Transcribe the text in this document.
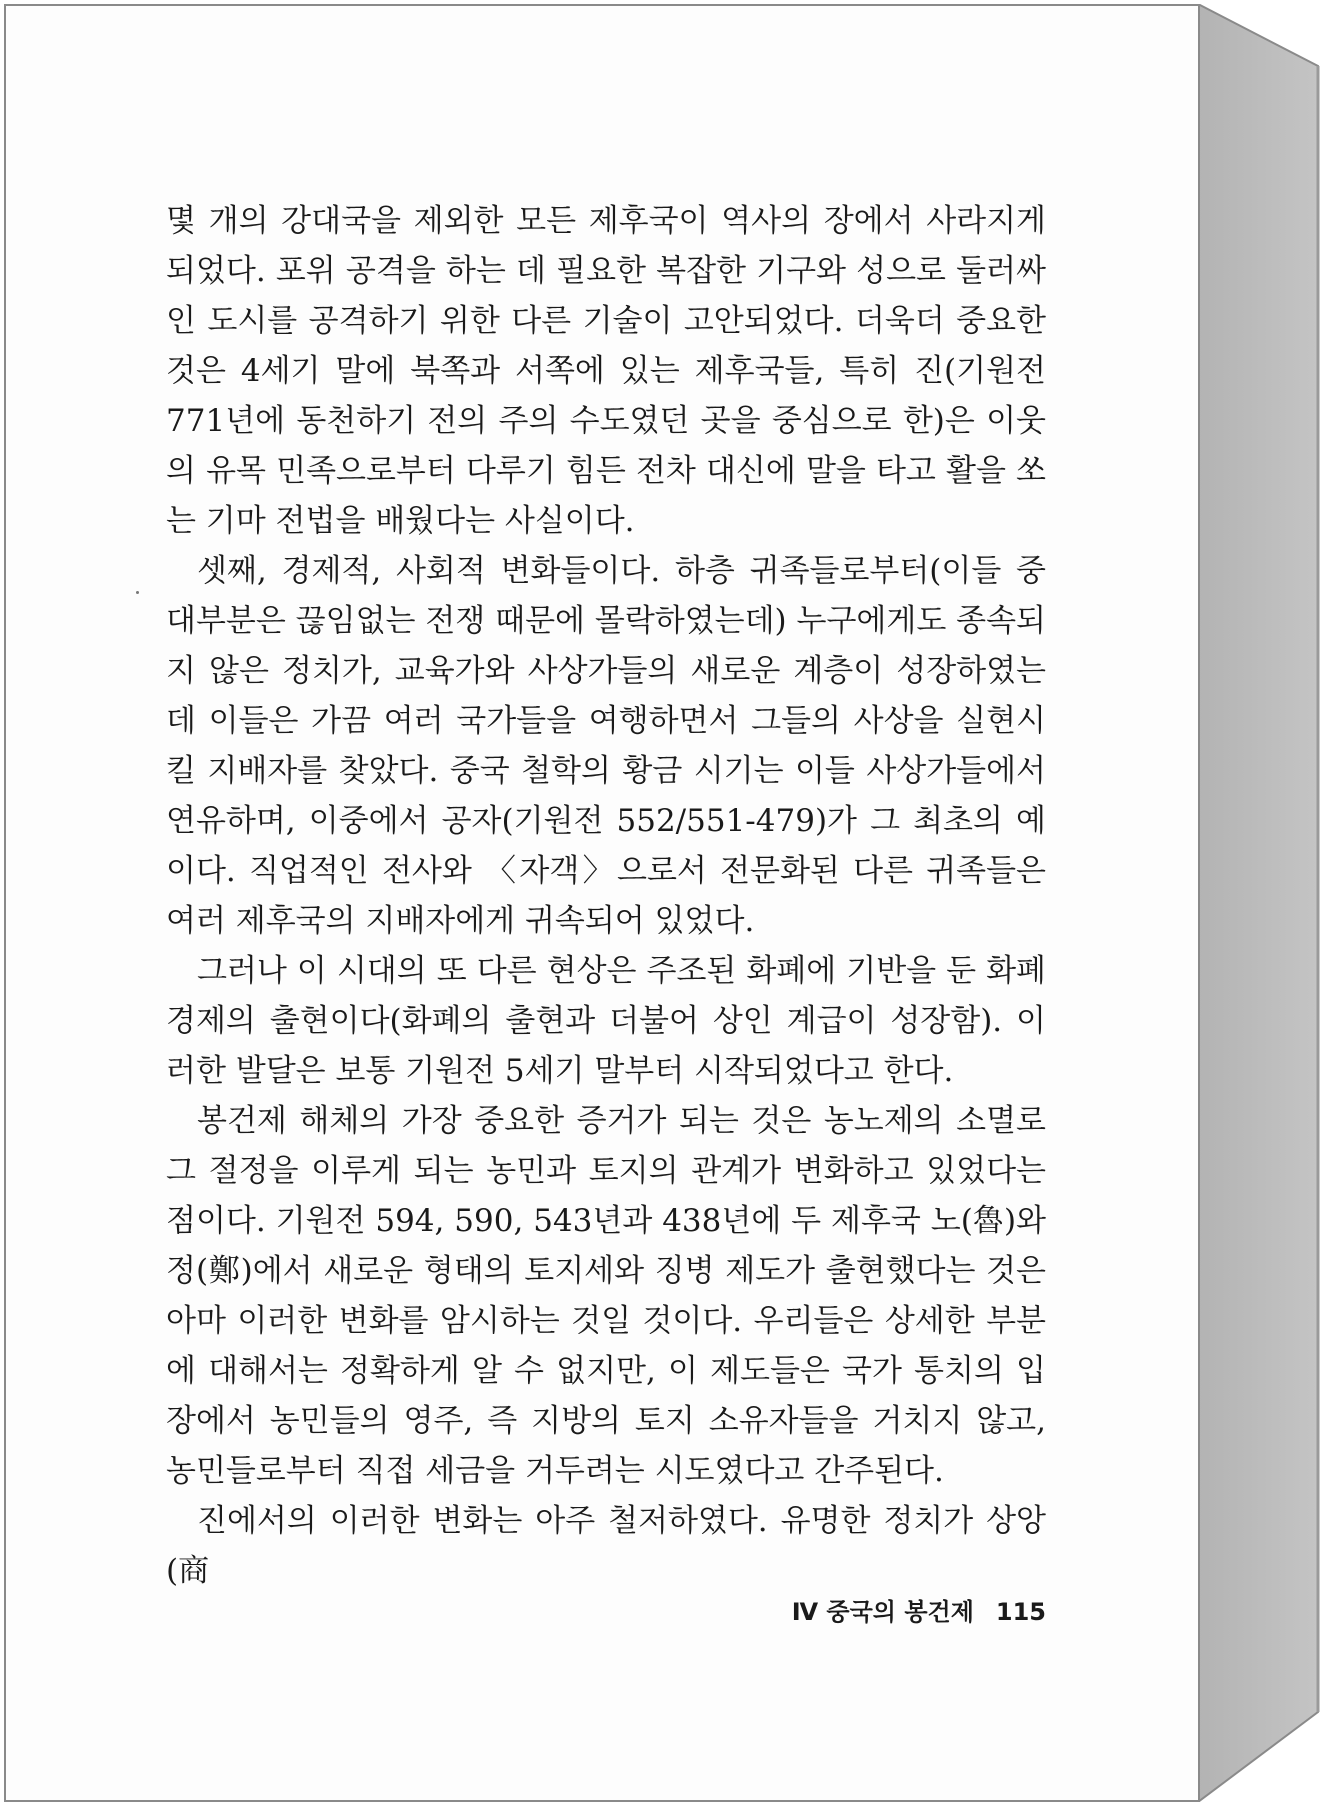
몇 개의 강대국을 제외한 모든 제후국이 역사의 장에서 사라지게 되었다. 포위 공격을 하는 데 필요한 복잡한 기구와 성으로 둘러싸인 도시를 공격하기 위한 다른 기술이 고안되었다. 더욱더 중요한 것은 4세기 말에 북쪽과 서쪽에 있는 제후국들, 특히 진(기원전 771년에 동천하기 전의 주의 수도였던 곳을 중심으로 한)은 이웃의 유목 민족으로부터 다루기 힘든 전차 대신에 말을 타고 활을 쏘는 기마 전법을 배웠다는 사실이다.

셋째, 경제적, 사회적 변화들이다. 하층 귀족들로부터(이들 중 대부분은 끊임없는 전쟁 때문에 몰락하였는데) 누구에게도 종속되지 않은 정치가, 교육가와 사상가들의 새로운 계층이 성장하였는데 이들은 가끔 여러 국가들을 여행하면서 그들의 사상을 실현시킬 지배자를 찾았다. 중국 철학의 황금 시기는 이들 사상가들에서 연유하며, 이중에서 공자(기원전 552/551-479)가 그 최초의 예이다. 직업적인 전사와 〈자객〉으로서 전문화된 다른 귀족들은 여러 제후국의 지배자에게 귀속되어 있었다.

그러나 이 시대의 또 다른 현상은 주조된 화폐에 기반을 둔 화폐경제의 출현이다(화폐의 출현과 더불어 상인 계급이 성장함). 이러한 발달은 보통 기원전 5세기 말부터 시작되었다고 한다.

봉건제 해체의 가장 중요한 증거가 되는 것은 농노제의 소멸로 그 절정을 이루게 되는 농민과 토지의 관계가 변화하고 있었다는 점이다. 기원전 594, 590, 543년과 438년에 두 제후국 노(魯)와 정(鄭)에서 새로운 형태의 토지세와 징병 제도가 출현했다는 것은 아마 이러한 변화를 암시하는 것일 것이다. 우리들은 상세한 부분에 대해서는 정확하게 알 수 없지만, 이 제도들은 국가 통치의 입장에서 농민들의 영주, 즉 지방의 토지 소유자들을 거치지 않고, 농민들로부터 직접 세금을 거두려는 시도였다고 간주된다.

진에서의 이러한 변화는 아주 철저하였다. 유명한 정치가 상앙(商

Ⅳ 중국의 봉건제 115
